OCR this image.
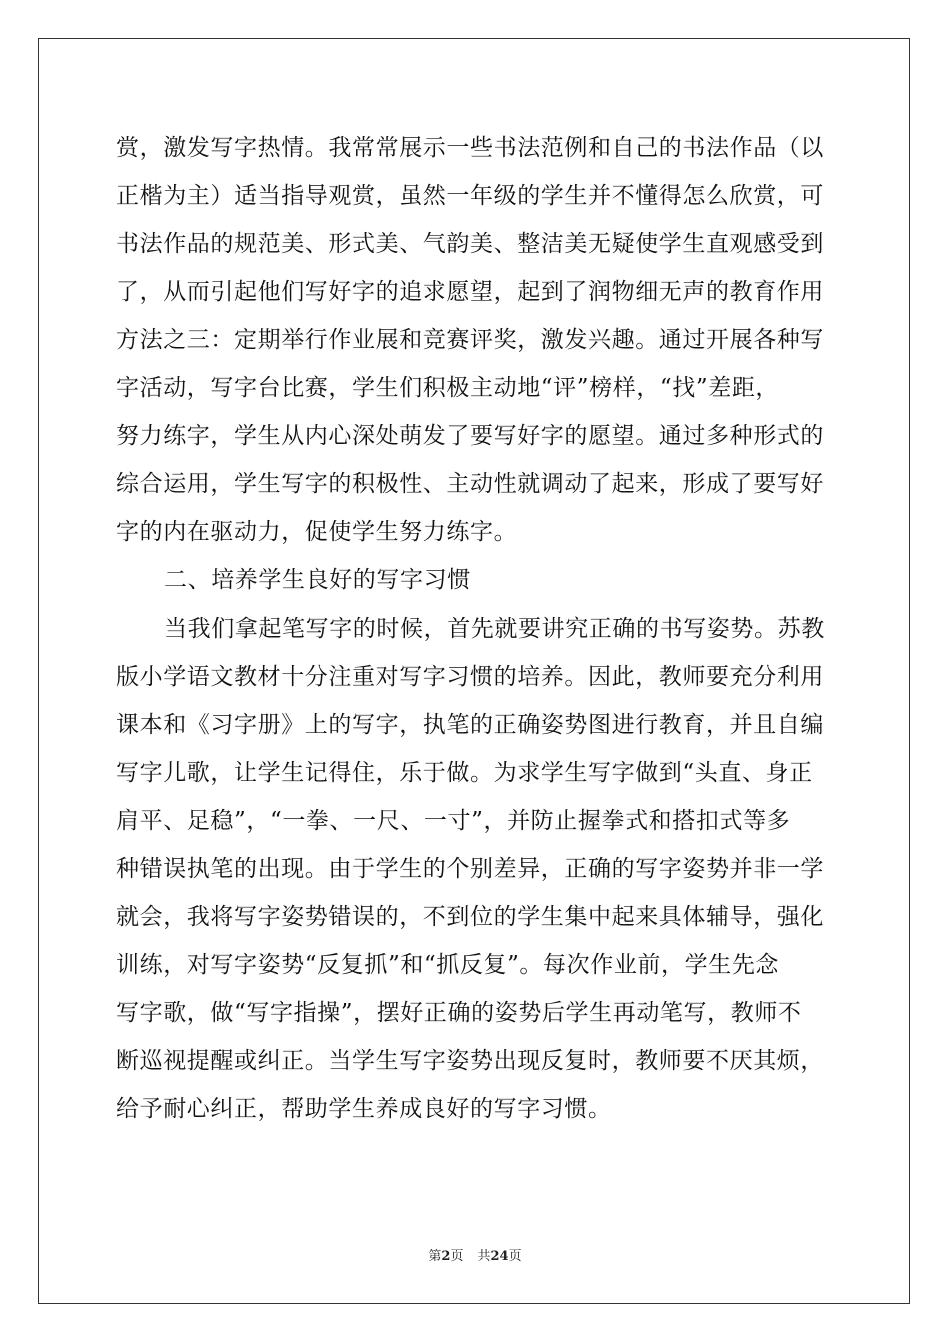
赏，激发写字热情。我常常展示一些书法范例和自己的书法作品（以
正楷为主）适当指导观赏，虽然一年级的学生并不懂得怎么欣赏，可
书法作品的规范美、形式美、气韵美、整洁美无疑使学生直观感受到
了，从而引起他们写好字的追求愿望，起到了润物细无声的教育作用
方法之三：定期举行作业展和竞赛评奖，激发兴趣。通过开展各种写
字活动，写字台比赛，学生们积极主动地“评”榜样，“找”差距，
努力练字，学生从内心深处萌发了要写好字的愿望。通过多种形式的
综合运用，学生写字的积极性、主动性就调动了起来，形成了要写好
字的内在驱动力，促使学生努力练字。
二、培养学生良好的写字习惯
当我们拿起笔写字的时候，首先就要讲究正确的书写姿势。苏教
版小学语文教材十分注重对写字习惯的培养。因此，教师要充分利用
课本和《习字册》上的写字，执笔的正确姿势图进行教育，并且自编
写字儿歌，让学生记得住，乐于做。为求学生写字做到“头直、身正
肩平、足稳”，“一拳、一尺、一寸”，并防止握拳式和搭扣式等多
种错误执笔的出现。由于学生的个别差异，正确的写字姿势并非一学
就会，我将写字姿势错误的，不到位的学生集中起来具体辅导，强化
训练，对写字姿势“反复抓”和“抓反复”。每次作业前，学生先念
写字歌，做“写字指操”，摆好正确的姿势后学生再动笔写，教师不
断巡视提醒或纠正。当学生写字姿势出现反复时，教师要不厌其烦，
给予耐心纠正，帮助学生养成良好的写字习惯。
第2页 共24页
